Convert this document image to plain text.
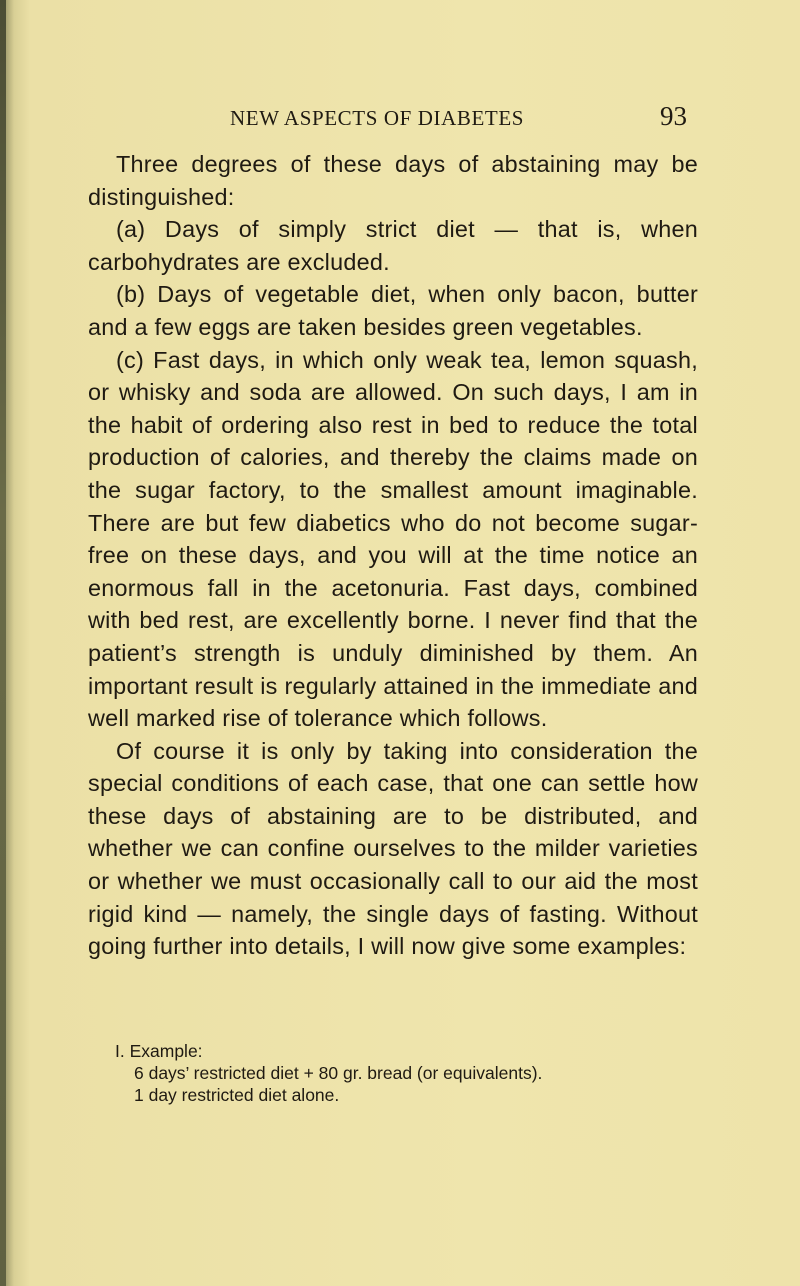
NEW ASPECTS OF DIABETES	93

Three degrees of these days of abstaining may be distinguished:

(a) Days of simply strict diet — that is, when carbohydrates are excluded.

(b) Days of vegetable diet, when only bacon, butter and a few eggs are taken besides green vegetables.

(c) Fast days, in which only weak tea, lemon squash, or whisky and soda are allowed. On such days, I am in the habit of ordering also rest in bed to reduce the total production of calories, and thereby the claims made on the sugar factory, to the smallest amount imaginable. There are but few diabetics who do not become sugar-free on these days, and you will at the time notice an enormous fall in the acetonuria. Fast days, combined with bed rest, are excellently borne. I never find that the patient’s strength is unduly diminished by them. An important result is regularly attained in the immediate and well marked rise of tolerance which follows.

Of course it is only by taking into consideration the special conditions of each case, that one can settle how these days of abstaining are to be distributed, and whether we can confine ourselves to the milder varieties or whether we must occasionally call to our aid the most rigid kind — namely, the single days of fasting. Without going further into details, I will now give some examples:

I. Example:
6 days’ restricted diet + 80 gr. bread (or equivalents).
1 day restricted diet alone.
